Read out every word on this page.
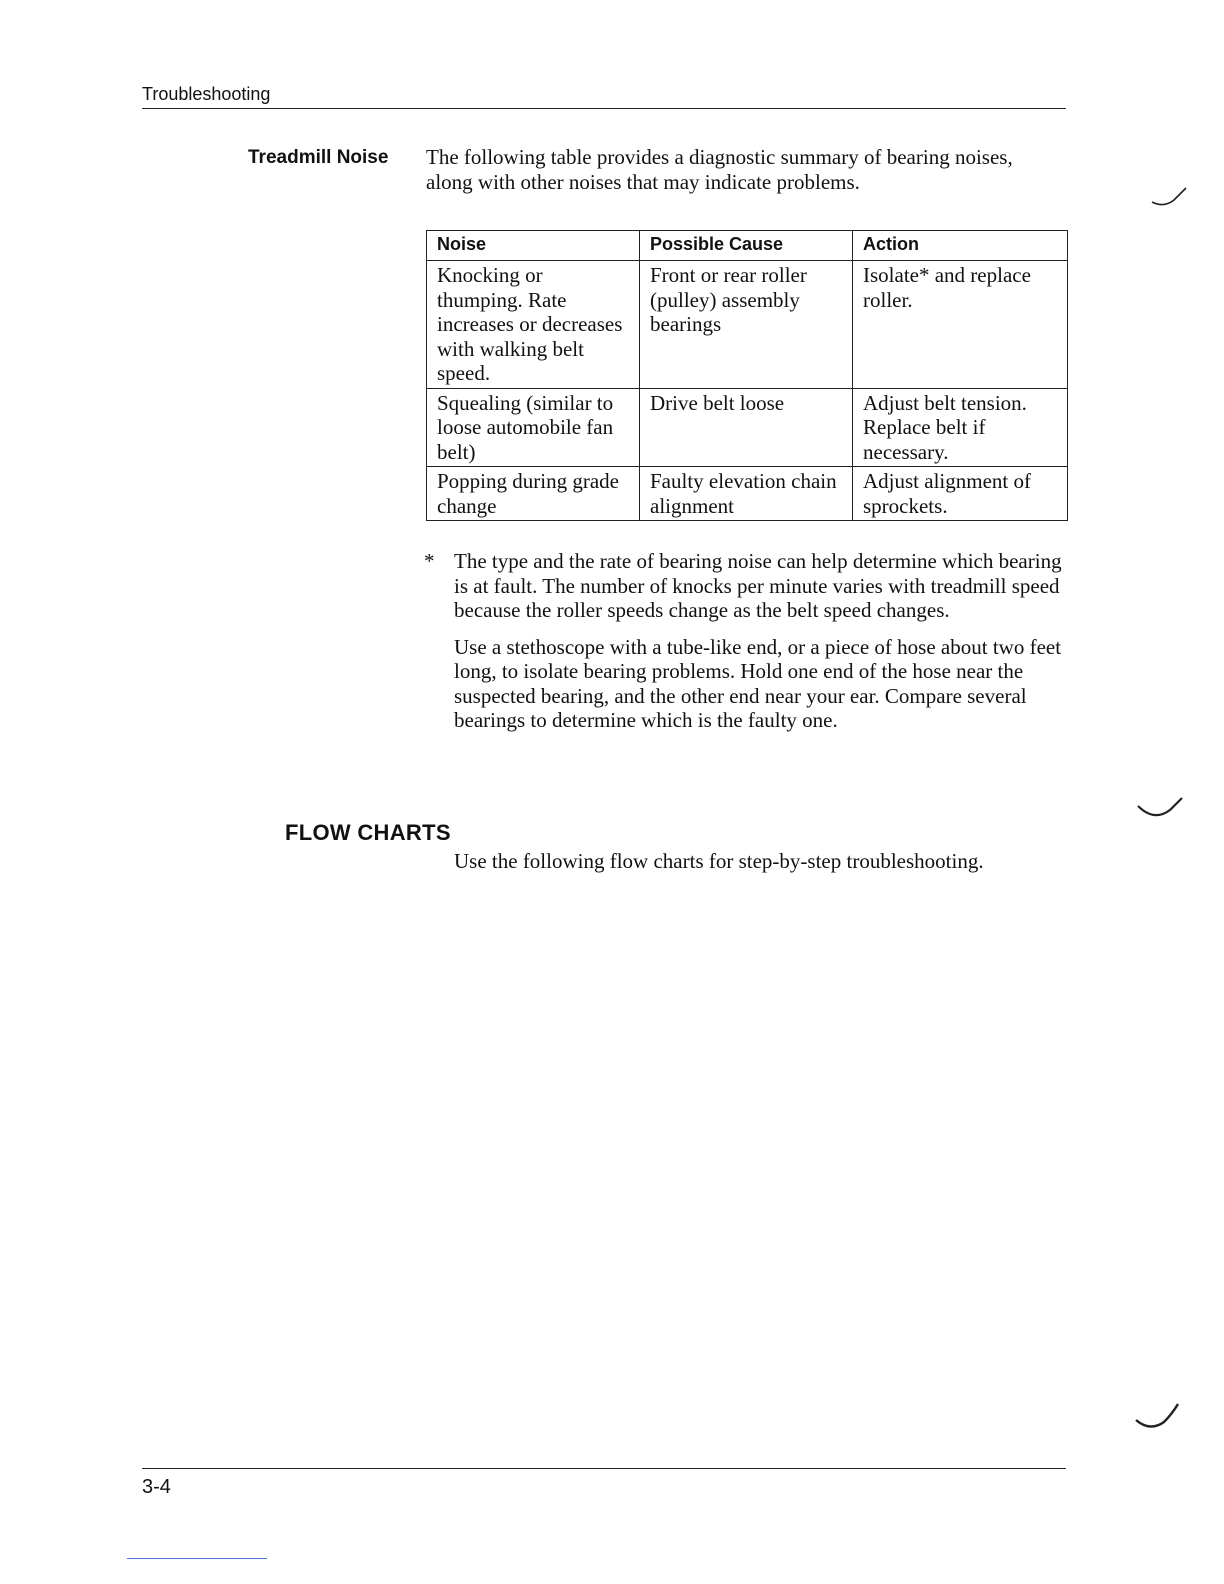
Troubleshooting
Treadmill Noise The following table provides a diagnostic summary of bearing noises, along with other noises that may indicate problems.
Noise	Possible Cause	Action
Knocking or thumping. Rate increases or decreases with walking belt speed.	Front or rear roller (pulley) assembly bearings	Isolate* and replace roller.
Squealing (similar to loose automobile fan belt)	Drive belt loose	Adjust belt tension. Replace belt if necessary.
Popping during grade change	Faulty elevation chain alignment	Adjust alignment of sprockets.
* The type and the rate of bearing noise can help determine which bearing is at fault. The number of knocks per minute varies with treadmill speed because the roller speeds change as the belt speed changes.
Use a stethoscope with a tube-like end, or a piece of hose about two feet long, to isolate bearing problems. Hold one end of the hose near the suspected bearing, and the other end near your ear. Compare several bearings to determine which is the faulty one.
FLOW CHARTS
Use the following flow charts for step-by-step troubleshooting.
3-4
